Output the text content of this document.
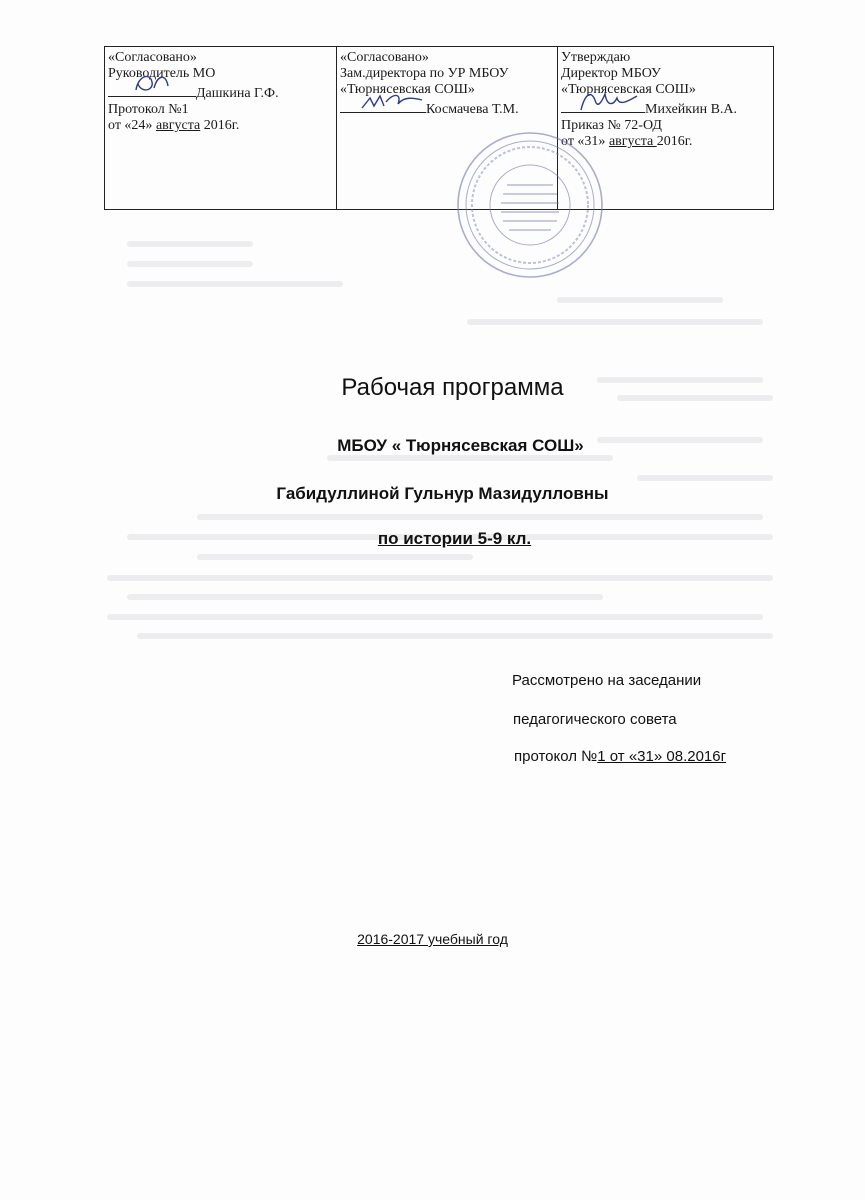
«Согласовано»
Руководитель МО
Дашкина Г.Ф.
Протокол №1
от «24» августа 2016г.

«Согласовано»
Зам.директора по УР МБОУ
«Тюрнясевская СОШ»
Космачева Т.М.

Утверждаю
Директор МБОУ
«Тюрнясевская СОШ»
Михейкин В.А.
Приказ № 72-ОД
от «31» августа 2016г.
Рабочая программа
МБОУ « Тюрнясевская СОШ»
Габидуллиной Гульнур Мазидулловны
по истории 5-9 кл.
Рассмотрено на заседании
педагогического совета
протокол №1 от «31» 08.2016г
2016-2017 учебный год
